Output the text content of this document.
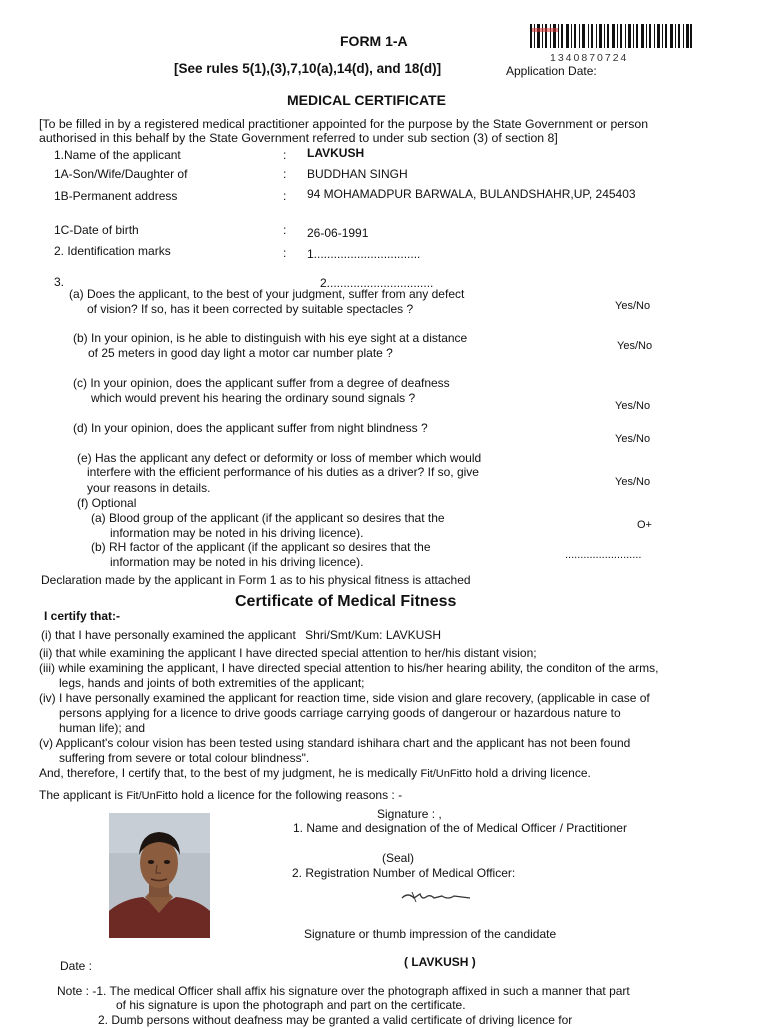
FORM 1-A
[See rules 5(1),(3),7,10(a),14(d), and 18(d)]	Application Date:
1340870724
MEDICAL CERTIFICATE
[To be filled in by a registered medical practitioner appointed for the purpose by the State Government or person
authorised in this behalf by the State Government referred to under sub section (3) of section 8]
1.Name of the applicant	: LAVKUSH
1A-Son/Wife/Daughter of	: BUDDHAN SINGH
1B-Permanent address	: 94 MOHAMADPUR BARWALA, BULANDSHAHR,UP, 245403
1C-Date of birth	: 26-06-1991
2. Identification marks	: 1................................
3.	2................................
(a) Does the applicant, to the best of your judgment, suffer from any defect
of vision? If so, has it been corrected by suitable spectacles ?	Yes/No
(b) In your opinion, is he able to distinguish with his eye sight at a distance
of 25 meters in good day light a motor car number plate ?	Yes/No
(c) In your opinion, does the applicant suffer from a degree of deafness
which would prevent his hearing the ordinary sound signals ?
Yes/No
(d) In your opinion, does the applicant suffer from night blindness ?
Yes/No
(e) Has the applicant any defect or deformity or loss of member which would
interfere with the efficient performance of his duties as a driver? If so, give
your reasons in details.	Yes/No
(f) Optional
(a) Blood group of the applicant (if the applicant so desires that the
information may be noted in his driving licence).
O+
(b) RH factor of the applicant (if the applicant so desires that the
information may be noted in his driving licence).	.........................
Declaration made by the applicant in Form 1 as to his physical fitness is attached
Certificate of Medical Fitness
I certify that:-
(i) that I have personally examined the applicant Shri/Smt/Kum: LAVKUSH
(ii) that while examining the applicant I have directed special attention to her/his distant vision;
(iii) while examining the applicant, I have directed special attention to his/her hearing ability, the conditon of the arms,
legs, hands and joints of both extremities of the applicant;
(iv) I have personally examined the applicant for reaction time, side vision and glare recovery, (applicable in case of
persons applying for a licence to drive goods carriage carrying goods of dangerour or hazardous nature to
human life); and
(v) Applicant's colour vision has been tested using standard ishihara chart and the applicant has not been found
suffering from severe or total colour blindness".
And, therefore, I certify that, to the best of my judgment, he is medically Fit/UnFitto hold a driving licence.
The applicant is Fit/UnFitto hold a licence for the following reasons : -
Signature : ,
1. Name and designation of the of Medical Officer / Practitioner
(Seal)
2. Registration Number of Medical Officer:
Signature or thumb impression of the candidate
Date :	( LAVKUSH )
Note : -1. The medical Officer shall affix his signature over the photograph affixed in such a manner that part
of his signature is upon the photograph and part on the certificate.
2. Dumb persons without deafness may be granted a valid certificate of driving licence for
